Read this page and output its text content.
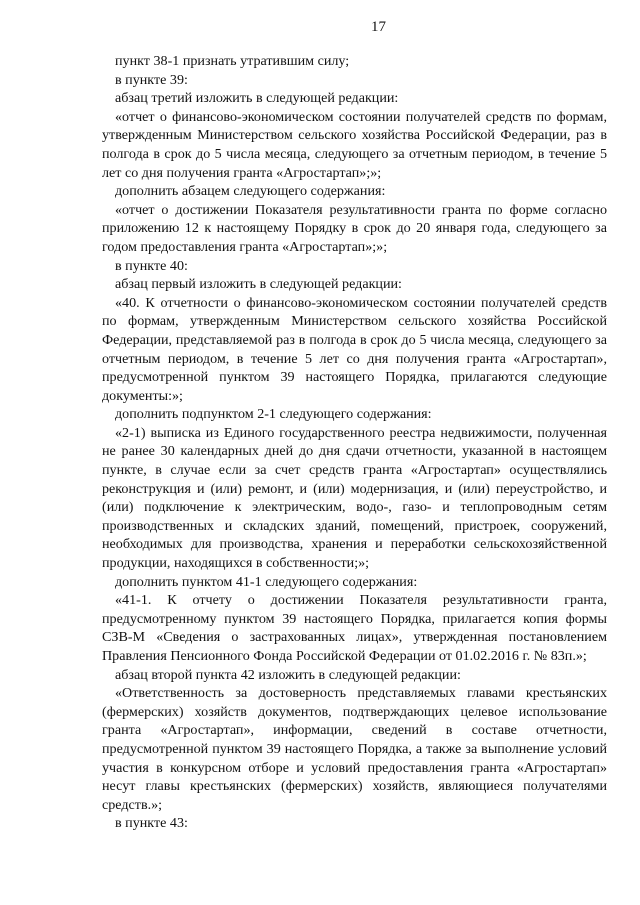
17

пункт 38-1 признать утратившим силу;

в пункте 39:

абзац третий изложить в следующей редакции:

«отчет о финансово-экономическом состоянии получателей средств по формам, утвержденным Министерством сельского хозяйства Российской Федерации, раз в полгода в срок до 5 числа месяца, следующего за отчетным периодом, в течение 5 лет со дня получения гранта «Агростартап»;»;

дополнить абзацем следующего содержания:

«отчет о достижении Показателя результативности гранта по форме согласно приложению 12 к настоящему Порядку в срок до 20 января года, следующего за годом предоставления гранта «Агростартап»;»;

в пункте 40:

абзац первый изложить в следующей редакции:

«40. К отчетности о финансово-экономическом состоянии получателей средств по формам, утвержденным Министерством сельского хозяйства Российской Федерации, представляемой раз в полгода в срок до 5 числа месяца, следующего за отчетным периодом, в течение 5 лет со дня получения гранта «Агростартап», предусмотренной пунктом 39 настоящего Порядка, прилагаются следующие документы:»;

дополнить подпунктом 2-1 следующего содержания:

«2-1) выписка из Единого государственного реестра недвижимости, полученная не ранее 30 календарных дней до дня сдачи отчетности, указанной в настоящем пункте, в случае если за счет средств гранта «Агростартап» осуществлялись реконструкция и (или) ремонт, и (или) модернизация, и (или) переустройство, и (или) подключение к электрическим, водо-, газо- и теплопроводным сетям производственных и складских зданий, помещений, пристроек, сооружений, необходимых для производства, хранения и переработки сельскохозяйственной продукции, находящихся в собственности;»;

дополнить пунктом 41-1 следующего содержания:

«41-1. К отчету о достижении Показателя результативности гранта, предусмотренному пунктом 39 настоящего Порядка, прилагается копия формы СЗВ-М «Сведения о застрахованных лицах», утвержденная постановлением Правления Пенсионного Фонда Российской Федерации от 01.02.2016 г. № 83п.»;

абзац второй пункта 42 изложить в следующей редакции:

«Ответственность за достоверность представляемых главами крестьянских (фермерских) хозяйств документов, подтверждающих целевое использование гранта «Агростартап», информации, сведений в составе отчетности, предусмотренной пунктом 39 настоящего Порядка, а также за выполнение условий участия в конкурсном отборе и условий предоставления гранта «Агростартап» несут главы крестьянских (фермерских) хозяйств, являющиеся получателями средств.»;

в пункте 43:
